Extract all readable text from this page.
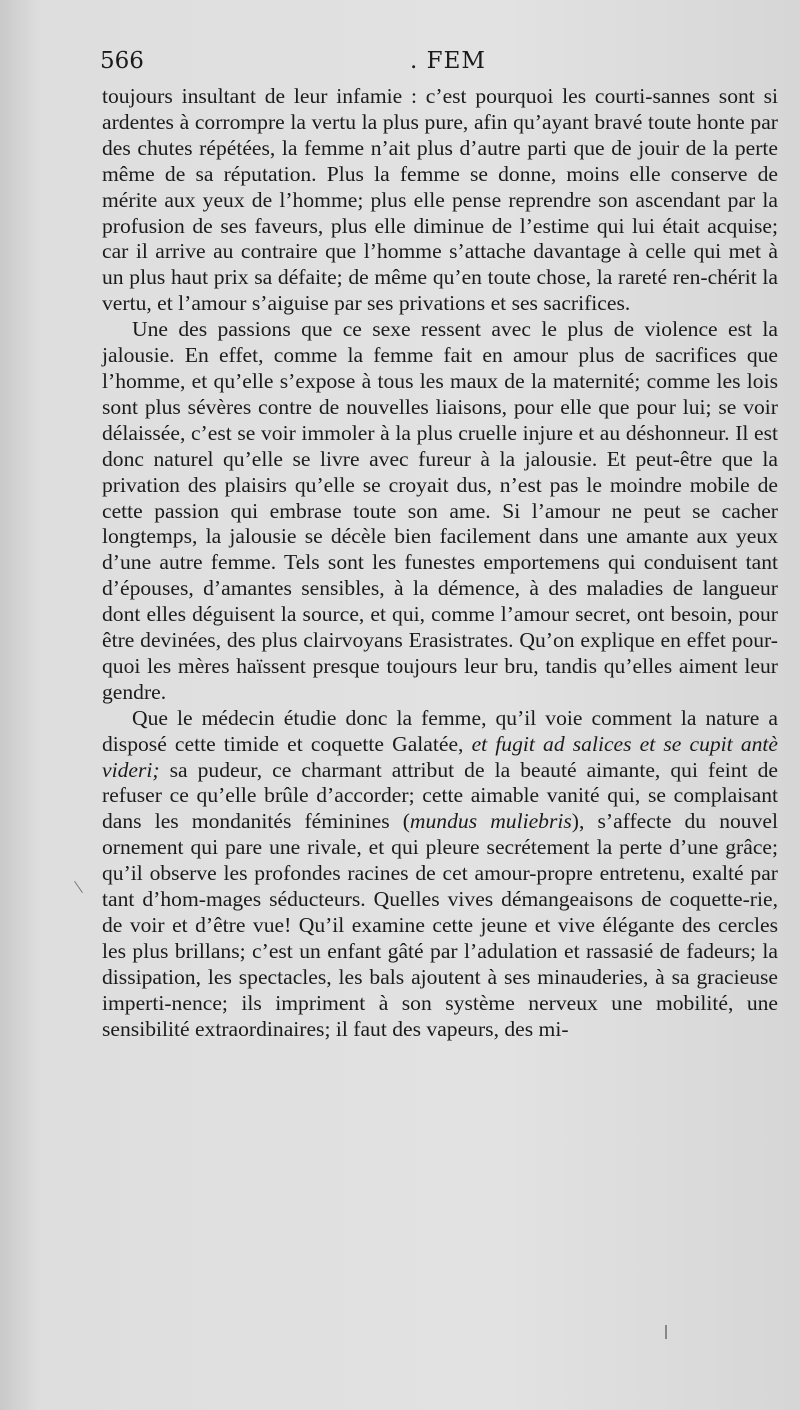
566	. FEM

toujours insultant de leur infamie : c’est pourquoi les courti-sannes sont si ardentes à corrompre la vertu la plus pure, afin qu’ayant bravé toute honte par des chutes répétées, la femme n’ait plus d’autre parti que de jouir de la perte même de sa réputation. Plus la femme se donne, moins elle conserve de mérite aux yeux de l’homme; plus elle pense reprendre son ascendant par la profusion de ses faveurs, plus elle diminue de l’estime qui lui était acquise; car il arrive au contraire que l’homme s’attache davantage à celle qui met à un plus haut prix sa défaite; de même qu’en toute chose, la rareté ren-chérit la vertu, et l’amour s’aiguise par ses privations et ses sacrifices.

Une des passions que ce sexe ressent avec le plus de violence est la jalousie. En effet, comme la femme fait en amour plus de sacrifices que l’homme, et qu’elle s’expose à tous les maux de la maternité; comme les lois sont plus sévères contre de nouvelles liaisons, pour elle que pour lui; se voir délaissée, c’est se voir immoler à la plus cruelle injure et au déshonneur. Il est donc naturel qu’elle se livre avec fureur à la jalousie. Et peut-être que la privation des plaisirs qu’elle se croyait dus, n’est pas le moindre mobile de cette passion qui embrase toute son ame. Si l’amour ne peut se cacher longtemps, la jalousie se décèle bien facilement dans une amante aux yeux d’une autre femme. Tels sont les funestes emportemens qui conduisent tant d’épouses, d’amantes sensibles, à la démence, à des maladies de langueur dont elles déguisent la source, et qui, comme l’amour secret, ont besoin, pour être devinées, des plus clairvoyans Erasistrates. Qu’on explique en effet pour-quoi les mères haïssent presque toujours leur bru, tandis qu’elles aiment leur gendre.

Que le médecin étudie donc la femme, qu’il voie comment la nature a disposé cette timide et coquette Galatée, et fugit ad salices et se cupit antè videri; sa pudeur, ce charmant attribut de la beauté aimante, qui feint de refuser ce qu’elle brûle d’accorder; cette aimable vanité qui, se complaisant dans les mondanités féminines (mundus muliebris), s’affecte du nouvel ornement qui pare une rivale, et qui pleure secrétement la perte d’une grâce; qu’il observe les profondes racines de cet amour-propre entretenu, exalté par tant d’hom-mages séducteurs. Quelles vives démangeaisons de coquette-rie, de voir et d’être vue! Qu’il examine cette jeune et vive élégante des cercles les plus brillans; c’est un enfant gâté par l’adulation et rassasié de fadeurs; la dissipation, les spectacles, les bals ajoutent à ses minauderies, à sa gracieuse imperti-nence; ils impriment à son système nerveux une mobilité, une sensibilité extraordinaires; il faut des vapeurs, des mi-
